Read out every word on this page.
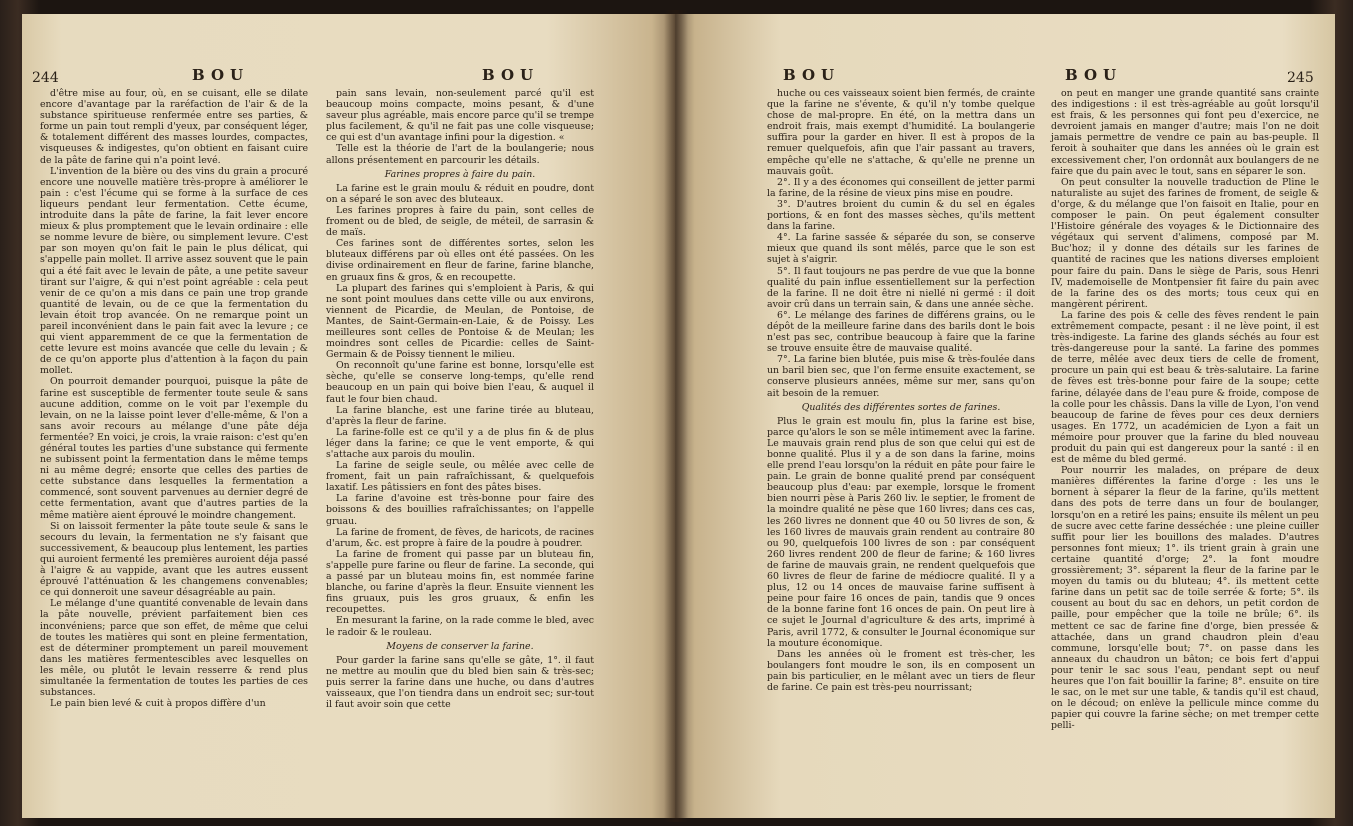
244	BOU	BOU

d'être mise au four, où, en se cuisant, elle se dilate encore d'avantage par la raréfaction de l'air & de la substance spiritueuse renfermée entre ses parties, & forme un pain tout rempli d'yeux, par conséquent léger, & totalement différent des masses lourdes, compactes, visqueuses & indigestes, qu'on obtient en faisant cuire de la pâte de farine qui n'a point levé.

L'invention de la bière ou des vins du grain a procuré encore une nouvelle matière très-propre à améliorer le pain : c'est l'écume qui se forme à la surface de ces liqueurs pendant leur fermentation. Cette écume, introduite dans la pâte de farine, la fait lever encore mieux & plus promptement que le levain ordinaire : elle se nomme levure de bière, ou simplement levure. C'est par son moyen qu'on fait le pain le plus délicat, qui s'appelle pain mollet. Il arrive assez souvent que le pain qui a été fait avec le levain de pâte, a une petite saveur tirant sur l'aigre, & qui n'est point agréable : cela peut venir de ce qu'on a mis dans ce pain une trop grande quantité de levain, ou de ce que la fermentation du levain étoit trop avancée. On ne remarque point un pareil inconvénient dans le pain fait avec la levure ; ce qui vient apparemment de ce que la fermentation de cette levure est moins avancée que celle du levain ; & de ce qu'on apporte plus d'attention à la façon du pain mollet.

On pourroit demander pourquoi, puisque la pâte de farine est susceptible de fermenter toute seule & sans aucune addition, comme on le voit par l'exemple du levain, on ne la laisse point lever d'elle-même, & l'on a sans avoir recours au mélange d'une pâte déja fermentée? En voici, je crois, la vraie raison: c'est qu'en général toutes les parties d'une substance qui fermente ne subissent point la fermentation dans le même temps ni au même degré; ensorte que celles des parties de cette substance dans lesquelles la fermentation a commencé, sont souvent parvenues au dernier degré de cette fermentation, avant que d'autres parties de la même matière aient éprouvé le moindre changement.

Si on laissoit fermenter la pâte toute seule & sans le secours du levain, la fermentation ne s'y faisant que successivement, & beaucoup plus lentement, les parties qui auroient fermenté les premières auroient déja passé à l'aigre & au vappide, avant que les autres eussent éprouvé l'atténuation & les changemens convenables; ce qui donneroit une saveur désagréable au pain.

Le mélange d'une quantité convenable de levain dans la pâte nouvelle, prévient parfaitement bien ces inconvéniens; parce que son effet, de même que celui de toutes les matières qui sont en pleine fermentation, est de déterminer promptement un pareil mouvement dans les matières fermentescibles avec lesquelles on les mêle, ou plutôt le levain resserre & rend plus simultanée la fermentation de toutes les parties de ces substances.

Le pain bien levé & cuit à propos diffère d'un

pain sans levain, non-seulement parcé qu'il est beaucoup moins compacte, moins pesant, & d'une saveur plus agréable, mais encore parce qu'il se trempe plus facilement, & qu'il ne fait pas une colle visqueuse; ce qui est d'un avantage infini pour la digestion. «

Telle est la théorie de l'art de la boulangerie; nous allons présentement en parcourir les détails.

Farines propres à faire du pain.

La farine est le grain moulu & réduit en poudre, dont on a séparé le son avec des bluteaux.

Les farines propres à faire du pain, sont celles de froment ou de bled, de seigle, de méteil, de sarrasin & de maïs.

Ces farines sont de différentes sortes, selon les bluteaux différens par où elles ont été passées. On les divise ordinairement en fleur de farine, farine blanche, en gruaux fins & gros, & en recoupette.

La plupart des farines qui s'emploient à Paris, & qui ne sont point moulues dans cette ville ou aux environs, viennent de Picardie, de Meulan, de Pontoise, de Mantes, de Saint-Germain-en-Laie, & de Poissy. Les meilleures sont celles de Pontoise & de Meulan; les moindres sont celles de Picardie: celles de Saint-Germain & de Poissy tiennent le milieu.

On reconnoît qu'une farine est bonne, lorsqu'elle est sèche, qu'elle se conserve long-temps, qu'elle rend beaucoup en un pain qui boive bien l'eau, & auquel il faut le four bien chaud.

La farine blanche, est une farine tirée au bluteau, d'après la fleur de farine.

La farine-folle est ce qu'il y a de plus fin & de plus léger dans la farine; ce que le vent emporte, & qui s'attache aux parois du moulin.

La farine de seigle seule, ou mêlée avec celle de froment, fait un pain rafraîchissant, & quelquefois laxatif. Les pâtissiers en font des pâtes bises.

La farine d'avoine est très-bonne pour faire des boissons & des bouillies rafraîchissantes; on l'appelle gruau.

La farine de froment, de fèves, de haricots, de racines d'arum, &c. est propre à faire de la poudre à poudrer.

La farine de froment qui passe par un bluteau fin, s'appelle pure farine ou fleur de farine. La seconde, qui a passé par un bluteau moins fin, est nommée farine blanche, ou farine d'après la fleur. Ensuite viennent les fins gruaux, puis les gros gruaux, & enfin les recoupettes.

En mesurant la farine, on la rade comme le bled, avec le radoir & le rouleau.

Moyens de conserver la farine.

Pour garder la farine sans qu'elle se gâte, 1°. il faut ne mettre au moulin que du bled bien sain & très-sec; puis serrer la farine dans une huche, ou dans d'autres vaisseaux, que l'on tiendra dans un endroit sec; sur-tout il faut avoir soin que cette

BOU	BOU	245

huche ou ces vaisseaux soient bien fermés, de crainte que la farine ne s'évente, & qu'il n'y tombe quelque chose de mal-propre. En été, on la mettra dans un endroit frais, mais exempt d'humidité. La boulangerie suffira pour la garder en hiver. Il est à propos de la remuer quelquefois, afin que l'air passant au travers, empêche qu'elle ne s'attache, & qu'elle ne prenne un mauvais goût.

2°. Il y a des économes qui conseillent de jetter parmi la farine, de la résine de vieux pins mise en poudre.

3°. D'autres broient du cumin & du sel en égales portions, & en font des masses sèches, qu'ils mettent dans la farine.

4°. La farine sassée & séparée du son, se conserve mieux que quand ils sont mêlés, parce que le son est sujet à s'aigrir.

5°. Il faut toujours ne pas perdre de vue que la bonne qualité du pain influe essentiellement sur la perfection de la farine. Il ne doit être ni niellé ni germé : il doit avoir crû dans un terrain sain, & dans une année sèche.

6°. Le mélange des farines de différens grains, ou le dépôt de la meilleure farine dans des barils dont le bois n'est pas sec, contribue beaucoup à faire que la farine se trouve ensuite être de mauvaise qualité.

7°. La farine bien blutée, puis mise & très-foulée dans un baril bien sec, que l'on ferme ensuite exactement, se conserve plusieurs années, même sur mer, sans qu'on ait besoin de la remuer.

Qualités des différentes sortes de farines.

Plus le grain est moulu fin, plus la farine est bise, parce qu'alors le son se mêle intimement avec la farine. Le mauvais grain rend plus de son que celui qui est de bonne qualité. Plus il y a de son dans la farine, moins elle prend l'eau lorsqu'on la réduit en pâte pour faire le pain. Le grain de bonne qualité prend par conséquent beaucoup plus d'eau: par exemple, lorsque le froment bien nourri pèse à Paris 260 liv. le septier, le froment de la moindre qualité ne pèse que 160 livres; dans ces cas, les 260 livres ne donnent que 40 ou 50 livres de son, & les 160 livres de mauvais grain rendent au contraire 80 ou 90, quelquefois 100 livres de son : par conséquent 260 livres rendent 200 de fleur de farine; & 160 livres de farine de mauvais grain, ne rendent quelquefois que 60 livres de fleur de farine de médiocre qualité. Il y a plus, 12 ou 14 onces de mauvaise farine suffisent à peine pour faire 16 onces de pain, tandis que 9 onces de la bonne farine font 16 onces de pain. On peut lire à ce sujet le Journal d'agriculture & des arts, imprimé à Paris, avril 1772, & consulter le Journal économique sur la mouture économique.

Dans les années où le froment est très-cher, les boulangers font moudre le son, ils en composent un pain bis particulier, en le mêlant avec un tiers de fleur de farine. Ce pain est très-peu nourrissant;

on peut en manger une grande quantité sans crainte des indigestions : il est très-agréable au goût lorsqu'il est frais, & les personnes qui font peu d'exercice, ne devroient jamais en manger d'autre; mais l'on ne doit jamais permettre de vendre ce pain au bas-peuple. Il feroit à souhaiter que dans les années où le grain est excessivement cher, l'on ordonnât aux boulangers de ne faire que du pain avec le tout, sans en séparer le son.

On peut consulter la nouvelle traduction de Pline le naturaliste au sujet des farines de froment, de seigle & d'orge, & du mélange que l'on faisoit en Italie, pour en composer le pain. On peut également consulter l'Histoire générale des voyages & le Dictionnaire des végétaux qui servent d'alimens, composé par M. Buc'hoz; il y donne des détails sur les farines de quantité de racines que les nations diverses emploient pour faire du pain. Dans le siège de Paris, sous Henri IV, mademoiselle de Montpensier fit faire du pain avec de la farine des os des morts; tous ceux qui en mangèrent périrent.

La farine des pois & celle des fèves rendent le pain extrêmement compacte, pesant : il ne lève point, il est très-indigeste. La farine des glands séchés au four est très-dangereuse pour la santé. La farine des pommes de terre, mêlée avec deux tiers de celle de froment, procure un pain qui est beau & très-salutaire. La farine de fèves est très-bonne pour faire de la soupe; cette farine, délayée dans de l'eau pure & froide, compose de la colle pour les châssis. Dans la ville de Lyon, l'on vend beaucoup de farine de fèves pour ces deux derniers usages. En 1772, un académicien de Lyon a fait un mémoire pour prouver que la farine du bled nouveau produit du pain qui est dangereux pour la santé : il en est de même du bled germé.

Pour nourrir les malades, on prépare de deux manières différentes la farine d'orge : les uns le bornent à séparer la fleur de la farine, qu'ils mettent dans des pots de terre dans un four de boulanger, lorsqu'on en a retiré les pains; ensuite ils mêlent un peu de sucre avec cette farine desséchée : une pleine cuiller suffit pour lier les bouillons des malades. D'autres personnes font mieux; 1°. ils trient grain à grain une certaine quantité d'orge; 2°. la font moudre grossièrement; 3°. séparent la fleur de la farine par le moyen du tamis ou du bluteau; 4°. ils mettent cette farine dans un petit sac de toile serrée & forte; 5°. ils cousent au bout du sac en dehors, un petit cordon de paille, pour empêcher que la toile ne brûle; 6°. ils mettent ce sac de farine fine d'orge, bien pressée & attachée, dans un grand chaudron plein d'eau commune, lorsqu'elle bout; 7°. on passe dans les anneaux du chaudron un bâton; ce bois fert d'appui pour tenir le sac sous l'eau, pendant sept ou neuf heures que l'on fait bouillir la farine; 8°. ensuite on tire le sac, on le met sur une table, & tandis qu'il est chaud, on le découd; on enlève la pellicule mince comme du papier qui couvre la farine sèche; on met tremper cette pelli-
